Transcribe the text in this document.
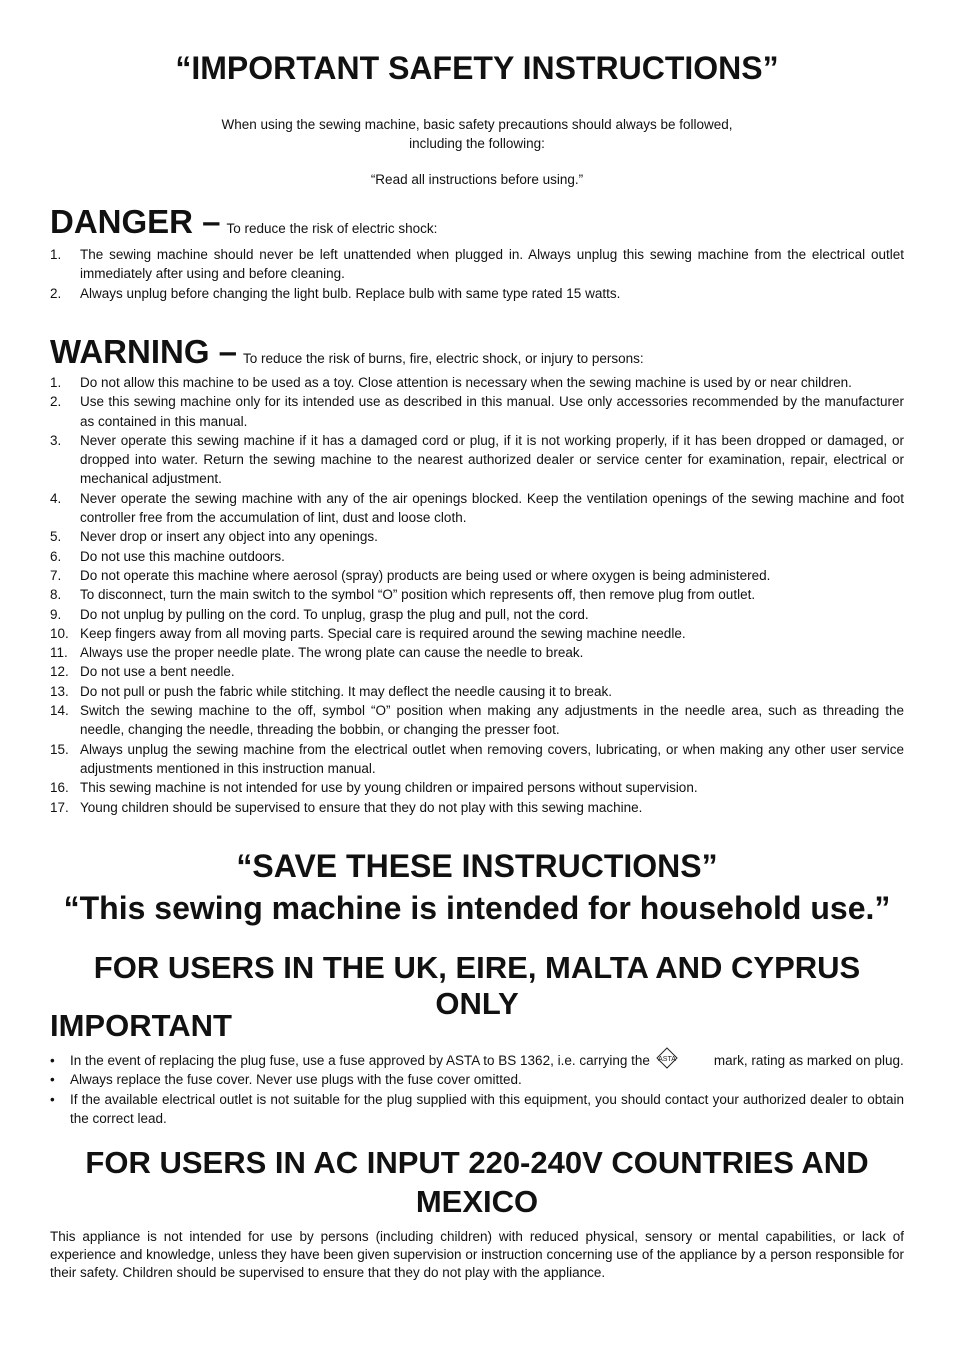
“IMPORTANT SAFETY INSTRUCTIONS”
When using the sewing machine, basic safety precautions should always be followed,
including the following:
“Read all instructions before using.”
DANGER – To reduce the risk of electric shock:
1. The sewing machine should never be left unattended when plugged in. Always unplug this sewing machine from the electrical outlet immediately after using and before cleaning.
2. Always unplug before changing the light bulb. Replace bulb with same type rated 15 watts.
WARNING – To reduce the risk of burns, fire, electric shock, or injury to persons:
1. Do not allow this machine to be used as a toy. Close attention is necessary when the sewing machine is used by or near children.
2. Use this sewing machine only for its intended use as described in this manual. Use only accessories recommended by the manufacturer as contained in this manual.
3. Never operate this sewing machine if it has a damaged cord or plug, if it is not working properly, if it has been dropped or damaged, or dropped into water. Return the sewing machine to the nearest authorized dealer or service center for examination, repair, electrical or mechanical adjustment.
4. Never operate the sewing machine with any of the air openings blocked. Keep the ventilation openings of the sewing machine and foot controller free from the accumulation of lint, dust and loose cloth.
5. Never drop or insert any object into any openings.
6. Do not use this machine outdoors.
7. Do not operate this machine where aerosol (spray) products are being used or where oxygen is being administered.
8. To disconnect, turn the main switch to the symbol “O” position which represents off, then remove plug from outlet.
9. Do not unplug by pulling on the cord. To unplug, grasp the plug and pull, not the cord.
10. Keep fingers away from all moving parts. Special care is required around the sewing machine needle.
11. Always use the proper needle plate. The wrong plate can cause the needle to break.
12. Do not use a bent needle.
13. Do not pull or push the fabric while stitching. It may deflect the needle causing it to break.
14. Switch the sewing machine to the off, symbol “O” position when making any adjustments in the needle area, such as threading the needle, changing the needle, threading the bobbin, or changing the presser foot.
15. Always unplug the sewing machine from the electrical outlet when removing covers, lubricating, or when making any other user service adjustments mentioned in this instruction manual.
16. This sewing machine is not intended for use by young children or impaired persons without supervision.
17. Young children should be supervised to ensure that they do not play with this sewing machine.
“SAVE THESE INSTRUCTIONS”
“This sewing machine is intended for household use.”
FOR USERS IN THE UK, EIRE, MALTA AND CYPRUS ONLY
IMPORTANT
• In the event of replacing the plug fuse, use a fuse approved by ASTA to BS 1362, i.e. carrying the ASTA	mark, rating as marked on plug.
• Always replace the fuse cover. Never use plugs with the fuse cover omitted.
• If the available electrical outlet is not suitable for the plug supplied with this equipment, you should contact your authorized dealer to obtain the correct lead.
FOR USERS IN AC INPUT 220-240V COUNTRIES AND MEXICO

This appliance is not intended for use by persons (including children) with reduced physical, sensory or mental capabilities, or lack of experience and knowledge, unless they have been given supervision or instruction concerning use of the appliance by a person responsible for their safety. Children should be supervised to ensure that they do not play with the appliance.
